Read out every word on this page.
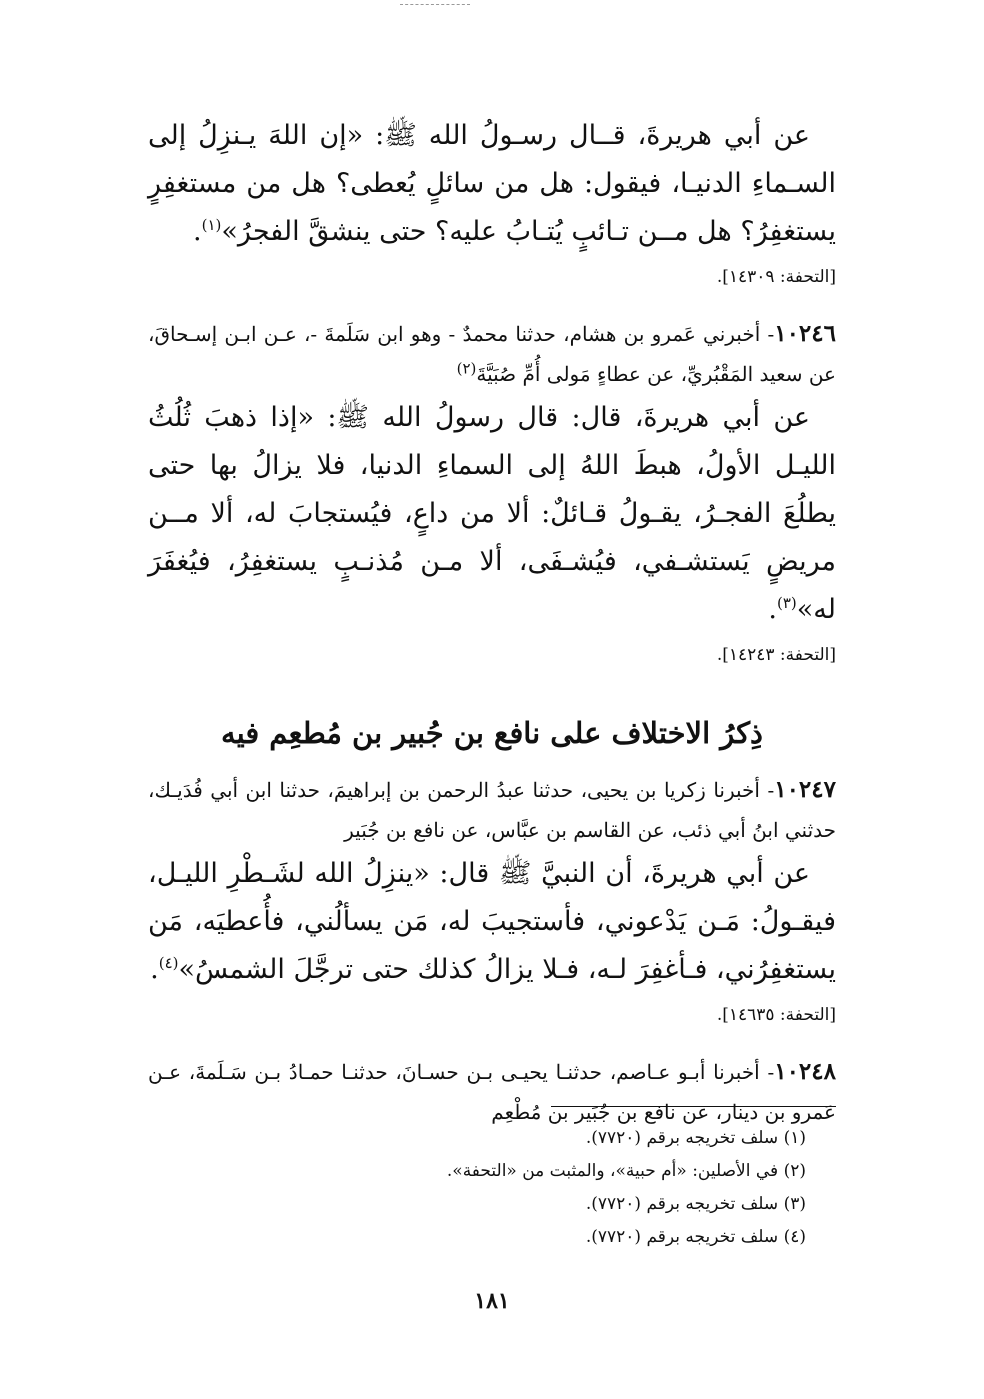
عن أبي هريرةَ، قــال رسـولُ الله ﷺ: «إن اللهَ يـنزِلُ إلى السـماءِ الدنيـا، فيقول: هل من سائلٍ يُعطى؟ هل من مستغفِرٍ يستغفِرُ؟ هل مــن تـائبٍ يُتـابُ عليه؟ حتى ينشقَّ الفجرُ»$^{(١)}$.

[التحفة: ١٤٣٠٩].

١٠٢٤٦- أخبرني عَمرو بن هشام، حدثنا محمدٌ - وهو ابن سَلَمةَ -، عـن ابـن إسـحاقَ، عن سعيد المَقْبُريِّ، عن عطاءٍ مَولى أُمِّ صُبَيَّةَ$^{(٢)}$

عن أبي هريرةَ، قال: قال رسولُ الله ﷺ: «إذا ذهبَ ثُلُثُ الليـل الأولُ، هبطَ اللهُ إلى السماءِ الدنيا، فلا يزالُ بها حتى يطلُعَ الفجـرُ، يقـولُ قـائلٌ: ألا من داعٍ، فيُستجابَ له، ألا مــن مريضٍ يَستشـفي، فيُشـفَى، ألا مـن مُذنـبٍ يستغفِرُ، فيُغفَرَ له»$^{(٣)}$.

[التحفة: ١٤٢٤٣].

ذِكرُ الاختلاف على نافع بن جُبير بن مُطعِم فيه

١٠٢٤٧- أخبرنا زكريا بن يحيى، حدثنا عبدُ الرحمن بن إبراهيمَ، حدثنا ابن أبي فُدَيـك، حدثني ابنُ أبي ذئب، عن القاسم بن عبَّاس، عن نافع بن جُبَير

عن أبي هريرةَ، أن النبيَّ ﷺ قال: «ينزِلُ الله لشَـطْرِ الليـل، فيقـولُ: مَـن يَدْعوني، فأستجيبَ له، مَن يسألُني، فأُعطيَه، مَن يستغفِرُني، فـأغفِرَ لـه، فـلا يزالُ كذلك حتى ترجَّلَ الشمسُ»$^{(٤)}$.

[التحفة: ١٤٦٣٥].

١٠٢٤٨- أخبرنا أبـو عـاصم، حدثنـا يحيـى بـن حسـانَ، حدثنـا حمـادُ بـن سَـلَمةَ، عـن عَمرو بن دينار، عن نافع بن جُبَير بن مُطْعِم

(١) سلف تخريجه برقم (٧٧٢٠).
(٢) في الأصلين: «أم حبية»، والمثبت من «التحفة».
(٣) سلف تخريجه برقم (٧٧٢٠).
(٤) سلف تخريجه برقم (٧٧٢٠).
١٨١
